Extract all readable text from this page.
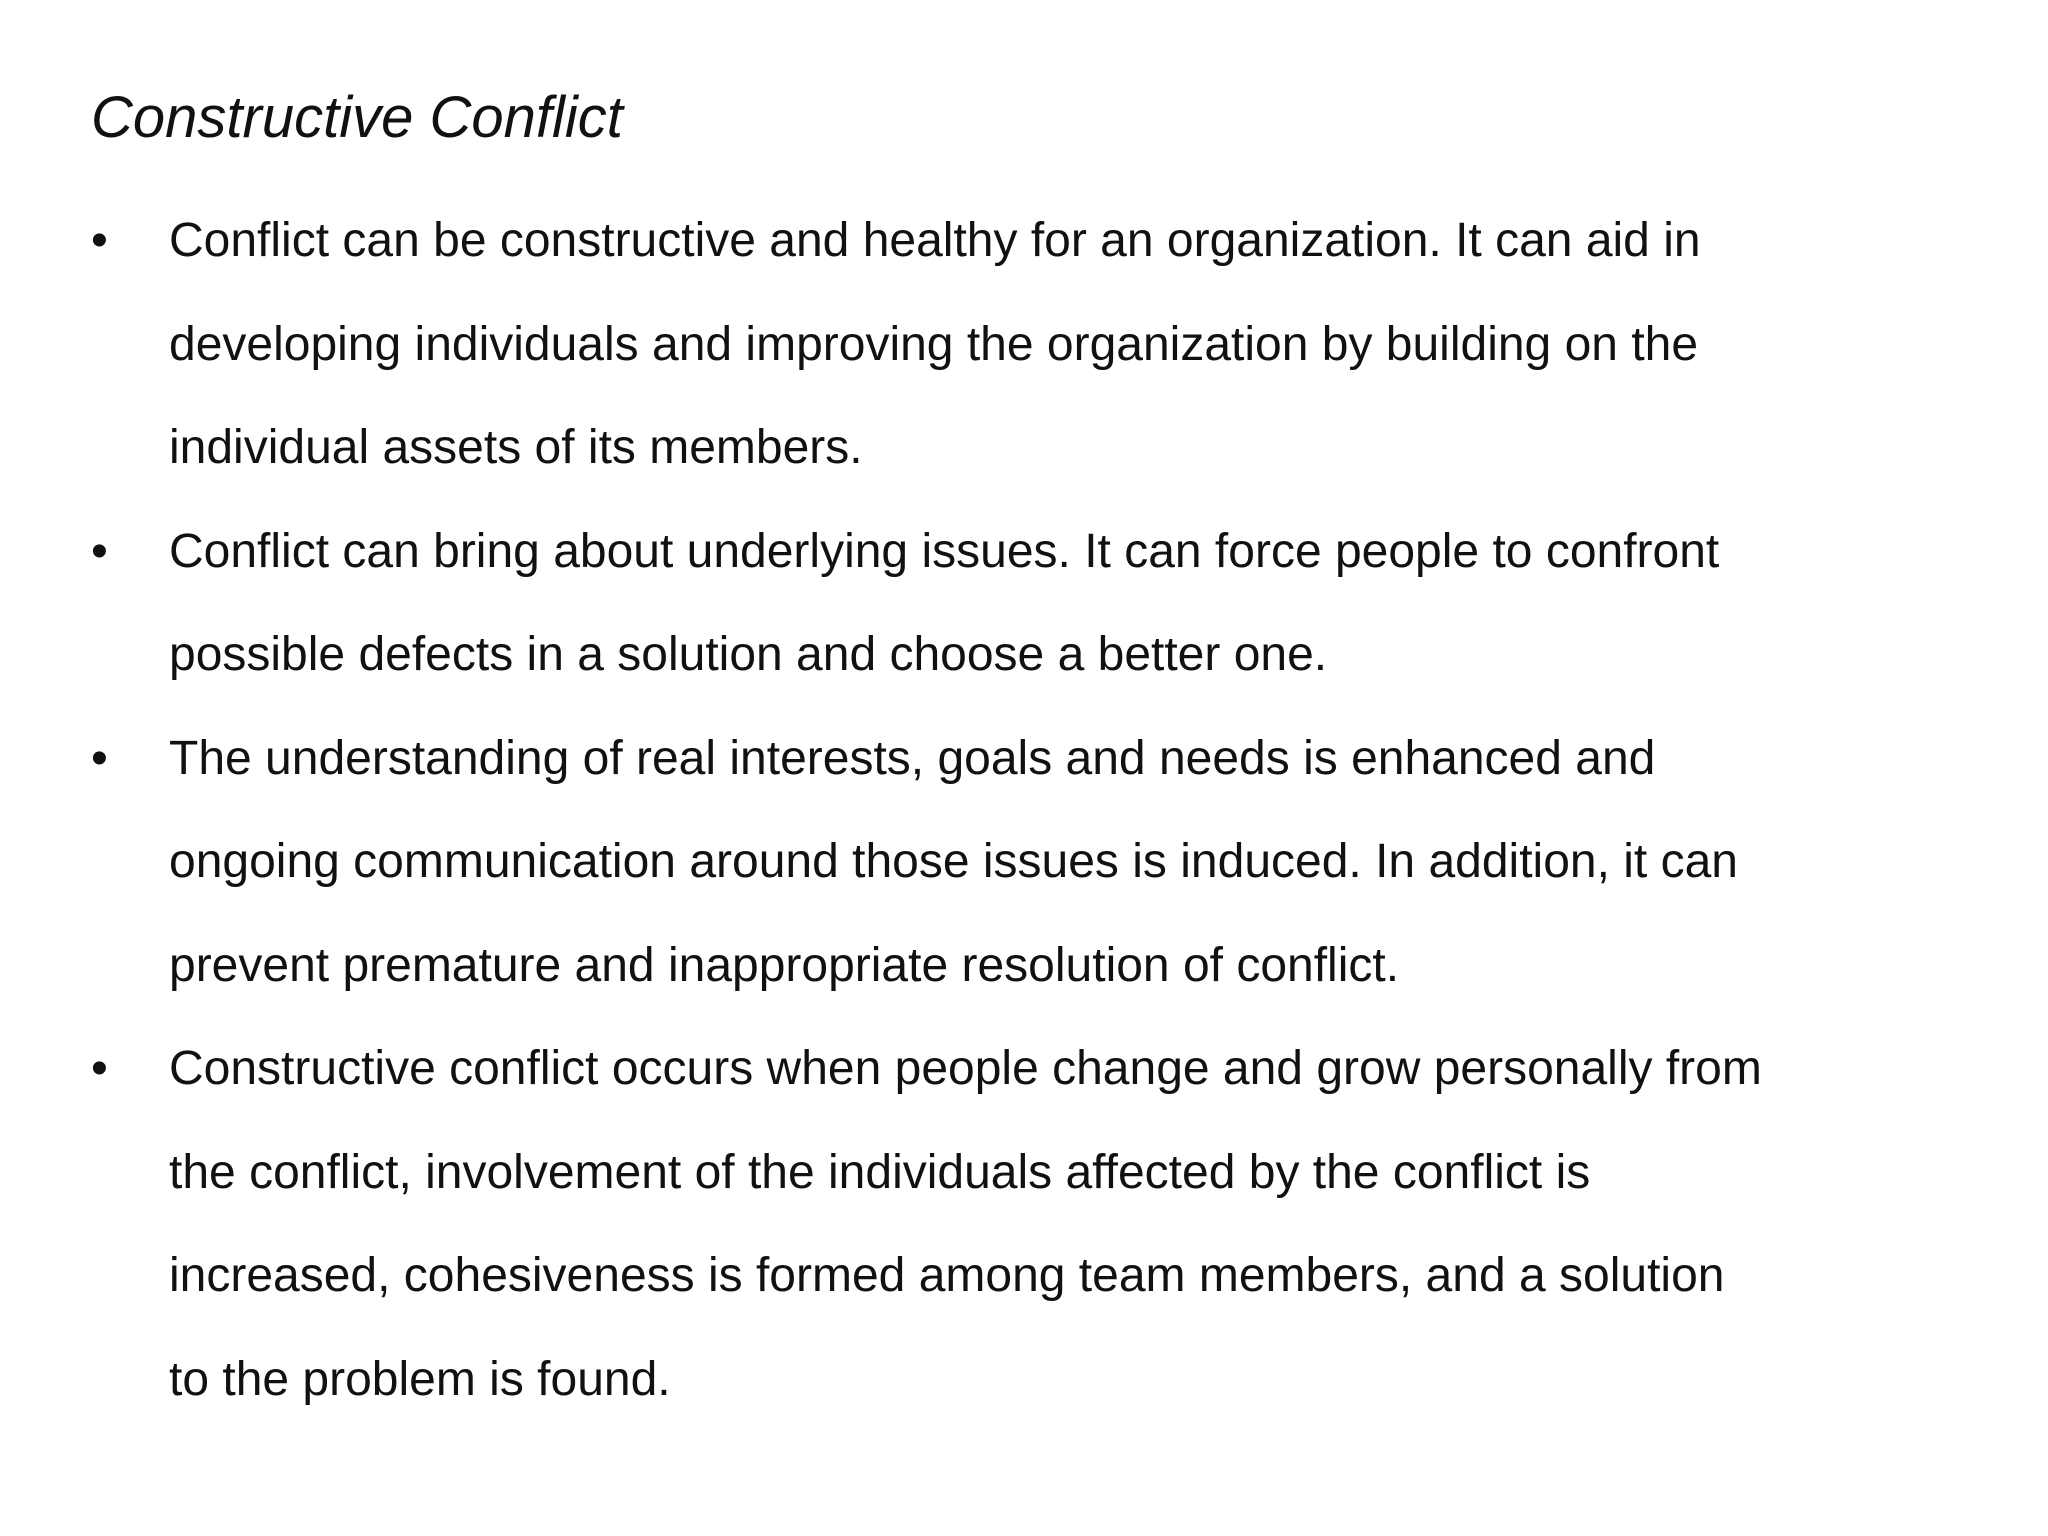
Constructive Conflict
•	Conflict can be constructive and healthy for an organization. It can aid in
developing individuals and improving the organization by building on the
individual assets of its members.
•	Conflict can bring about underlying issues. It can force people to confront
possible defects in a solution and choose a better one.
•	The understanding of real interests, goals and needs is enhanced and
ongoing communication around those issues is induced. In addition, it can
prevent premature and inappropriate resolution of conflict.
•	Constructive conflict occurs when people change and grow personally from
the conflict, involvement of the individuals affected by the conflict is
increased, cohesiveness is formed among team members, and a solution
to the problem is found.
